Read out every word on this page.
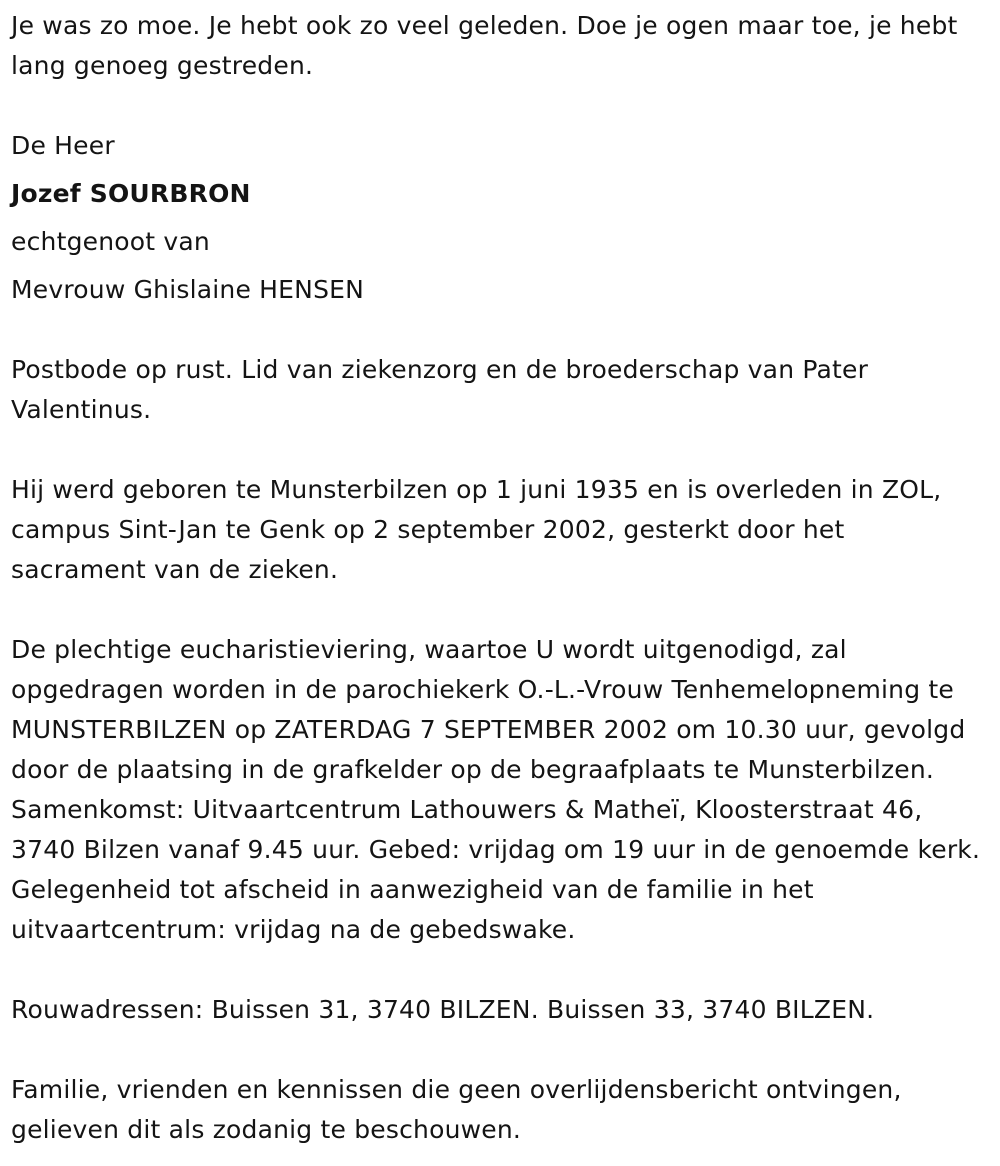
Je was zo moe. Je hebt ook zo veel geleden. Doe je ogen maar toe, je hebt lang genoeg gestreden.

De Heer
Jozef SOURBRON
echtgenoot van
Mevrouw Ghislaine HENSEN

Postbode op rust. Lid van ziekenzorg en de broederschap van Pater Valentinus.

Hij werd geboren te Munsterbilzen op 1 juni 1935 en is overleden in ZOL, campus Sint-Jan te Genk op 2 september 2002, gesterkt door het sacrament van de zieken.

De plechtige eucharistieviering, waartoe U wordt uitgenodigd, zal opgedragen worden in de parochiekerk O.-L.-Vrouw Tenhemelopneming te MUNSTERBILZEN op ZATERDAG 7 SEPTEMBER 2002 om 10.30 uur, gevolgd door de plaatsing in de grafkelder op de begraafplaats te Munsterbilzen. Samenkomst: Uitvaartcentrum Lathouwers & Matheï, Kloosterstraat 46, 3740 Bilzen vanaf 9.45 uur. Gebed: vrijdag om 19 uur in de genoemde kerk. Gelegenheid tot afscheid in aanwezigheid van de familie in het uitvaartcentrum: vrijdag na de gebedswake.

Rouwadressen: Buissen 31, 3740 BILZEN. Buissen 33, 3740 BILZEN.

Familie, vrienden en kennissen die geen overlijdensbericht ontvingen, gelieven dit als zodanig te beschouwen.
